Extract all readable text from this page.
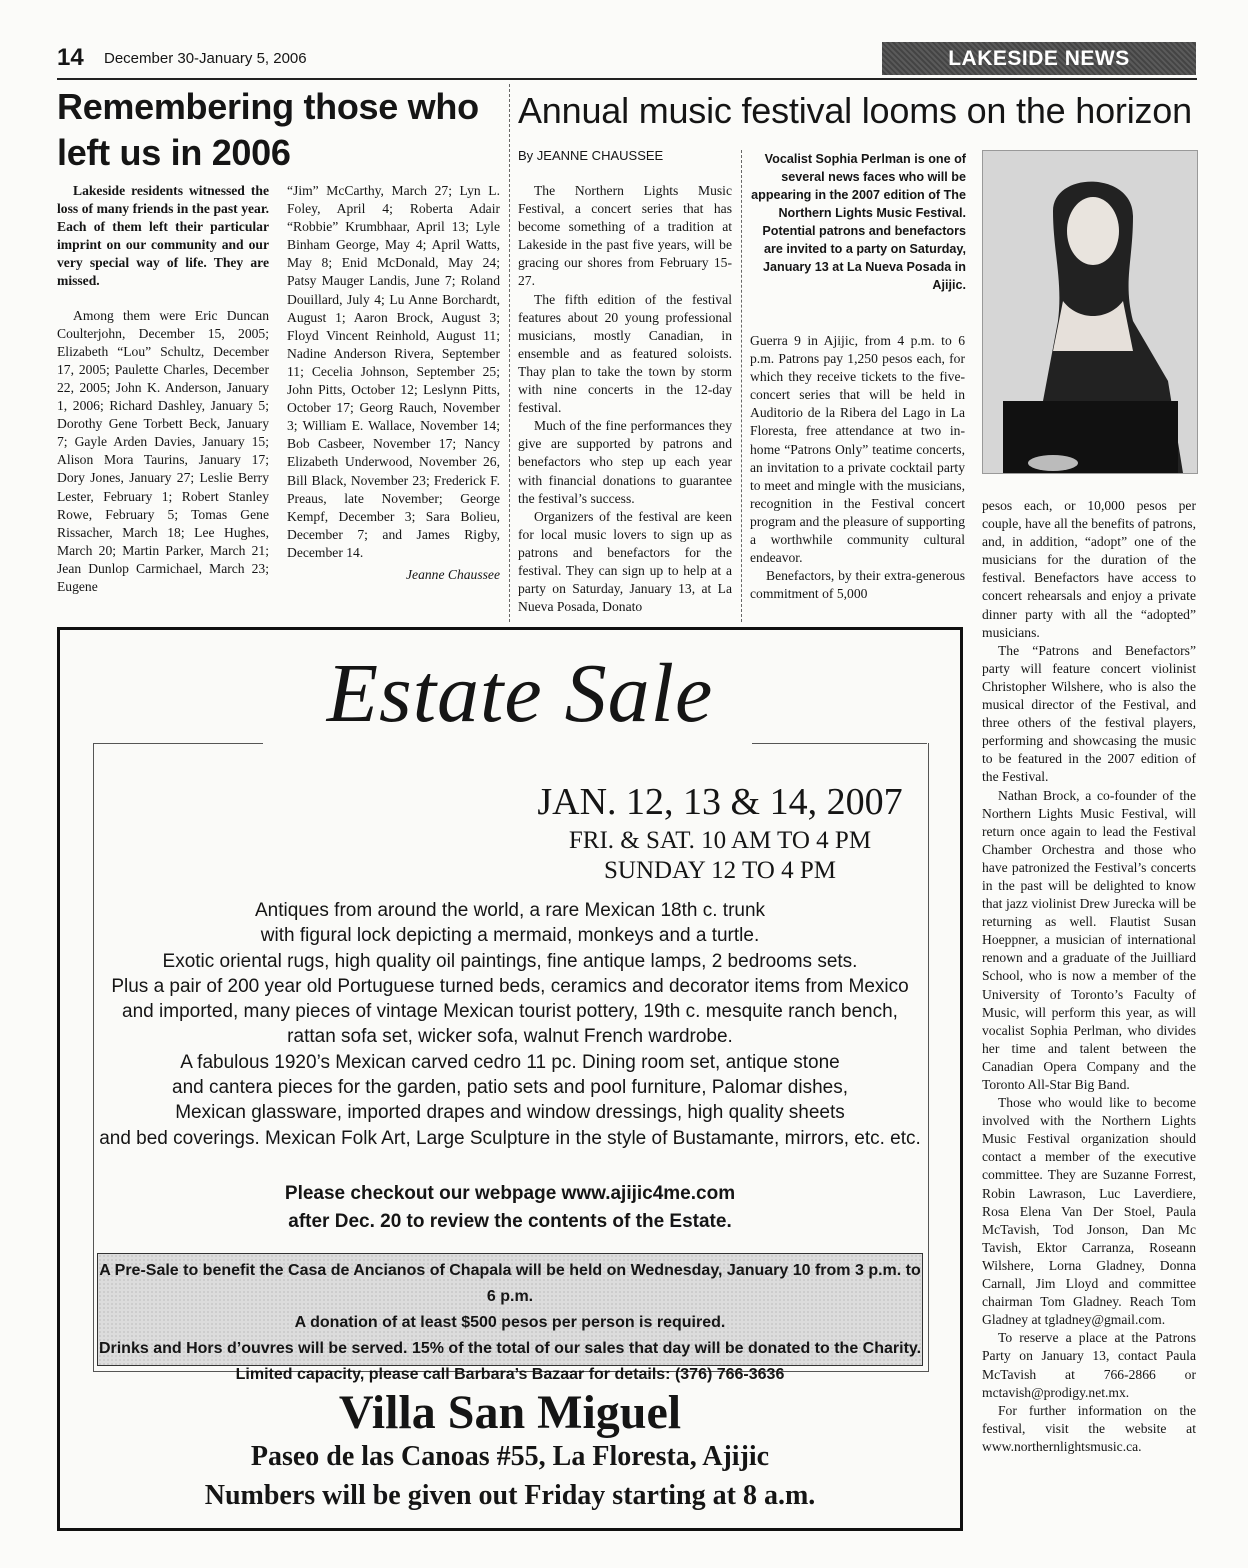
14 December 30-January 5, 2006	LAKESIDE NEWS
Remembering those who left us in 2006

Lakeside residents witnessed the loss of many friends in the past year. Each of them left their particular imprint on our community and our very special way of life. They are missed.

Among them were Eric Duncan Coulterjohn, December 15, 2005; Elizabeth “Lou” Schultz, December 17, 2005; Paulette Charles, December 22, 2005; John K. Anderson, January 1, 2006; Richard Dashley, January 5; Dorothy Gene Torbett Beck, January 7; Gayle Arden Davies, January 15; Alison Mora Taurins, January 17; Dory Jones, January 27; Leslie Berry Lester, February 1; Robert Stanley Rowe, February 5; Tomas Gene Rissacher, March 18; Lee Hughes, March 20; Martin Parker, March 21; Jean Dunlop Carmichael, March 23; Eugene

“Jim” McCarthy, March 27; Lyn L. Foley, April 4; Roberta Adair “Robbie” Krumbhaar, April 13; Lyle Binham George, May 4; April Watts, May 8; Enid McDonald, May 24; Patsy Mauger Landis, June 7; Roland Douillard, July 4; Lu Anne Borchardt, August 1; Aaron Brock, August 3; Floyd Vincent Reinhold, August 11; Nadine Anderson Rivera, September 11; Cecelia Johnson, September 25; John Pitts, October 12; Leslynn Pitts, October 17; Georg Rauch, November 3; William E. Wallace, November 14; Bob Casbeer, November 17; Nancy Elizabeth Underwood, November 26, Bill Black, November 23; Frederick F. Preaus, late November; George Kempf, December 3; Sara Bolieu, December 7; and James Rigby, December 14.

Jeanne Chaussee
Annual music festival looms on the horizon
By JEANNE CHAUSSEE

The Northern Lights Music Festival, a concert series that has become something of a tradition at Lakeside in the past five years, will be gracing our shores from February 15-27.

The fifth edition of the festival features about 20 young professional musicians, mostly Canadian, in ensemble and as featured soloists. Thay plan to take the town by storm with nine concerts in the 12-day festival.

Much of the fine performances they give are supported by patrons and benefactors who step up each year with financial donations to guarantee the festival’s success.

Organizers of the festival are keen for local music lovers to sign up as patrons and benefactors for the festival. They can sign up to help at a party on Saturday, January 13, at La Nueva Posada, Donato

Vocalist Sophia Perlman is one of several news faces who will be appearing in the 2007 edition of The Northern Lights Music Festival. Potential patrons and benefactors are invited to a party on Saturday, January 13 at La Nueva Posada in Ajijic.

Guerra 9 in Ajijic, from 4 p.m. to 6 p.m. Patrons pay 1,250 pesos each, for which they receive tickets to the five-concert series that will be held in Auditorio de la Ribera del Lago in La Floresta, free attendance at two in-home “Patrons Only” teatime concerts, an invitation to a private cocktail party to meet and mingle with the musicians, recognition in the Festival concert program and the pleasure of supporting a worthwhile community cultural endeavor.

Benefactors, by their extra-generous commitment of 5,000

pesos each, or 10,000 pesos per couple, have all the benefits of patrons, and, in addition, “adopt” one of the musicians for the duration of the festival. Benefactors have access to concert rehearsals and enjoy a private dinner party with all the “adopted” musicians.

The “Patrons and Benefactors” party will feature concert violinist Christopher Wilshere, who is also the musical director of the Festival, and three others of the festival players, performing and showcasing the music to be featured in the 2007 edition of the Festival.

Nathan Brock, a co-founder of the Northern Lights Music Festival, will return once again to lead the Festival Chamber Orchestra and those who have patronized the Festival’s concerts in the past will be delighted to know that jazz violinist Drew Jurecka will be returning as well. Flautist Susan Hoeppner, a musician of international renown and a graduate of the Juilliard School, who is now a member of the University of Toronto’s Faculty of Music, will perform this year, as will vocalist Sophia Perlman, who divides her time and talent between the Canadian Opera Company and the Toronto All-Star Big Band.

Those who would like to become involved with the Northern Lights Music Festival organization should contact a member of the executive committee. They are Suzanne Forrest, Robin Lawrason, Luc Laverdiere, Rosa Elena Van Der Stoel, Paula McTavish, Tod Jonson, Dan Mc Tavish, Ektor Carranza, Roseann Wilshere, Lorna Gladney, Donna Carnall, Jim Lloyd and committee chairman Tom Gladney. Reach Tom Gladney at tgladney@gmail.com.

To reserve a place at the Patrons Party on January 13, contact Paula McTavish at 766-2866 or mctavish@prodigy.net.mx.

For further information on the festival, visit the website at www.northernlightsmusic.ca.

Estate Sale
JAN. 12, 13 & 14, 2007
FRI. & SAT. 10 AM TO 4 PM
SUNDAY 12 TO 4 PM
Antiques from around the world, a rare Mexican 18th c. trunk
with figural lock depicting a mermaid, monkeys and a turtle.
Exotic oriental rugs, high quality oil paintings, fine antique lamps, 2 bedrooms sets.
Plus a pair of 200 year old Portuguese turned beds, ceramics and decorator items from Mexico
and imported, many pieces of vintage Mexican tourist pottery, 19th c. mesquite ranch bench,
rattan sofa set, wicker sofa, walnut French wardrobe.
A fabulous 1920’s Mexican carved cedro 11 pc. Dining room set, antique stone
and cantera pieces for the garden, patio sets and pool furniture, Palomar dishes,
Mexican glassware, imported drapes and window dressings, high quality sheets
and bed coverings. Mexican Folk Art, Large Sculpture in the style of Bustamante, mirrors, etc. etc.
Please checkout our webpage www.ajijic4me.com
after Dec. 20 to review the contents of the Estate.
A Pre-Sale to benefit the Casa de Ancianos of Chapala will be held on Wednesday, January 10 from 3 p.m. to 6 p.m.
A donation of at least $500 pesos per person is required.
Drinks and Hors d’ouvres will be served. 15% of the total of our sales that day will be donated to the Charity.
Limited capacity, please call Barbara’s Bazaar for details: (376) 766-3636
Villa San Miguel
Paseo de las Canoas #55, La Floresta, Ajijic
Numbers will be given out Friday starting at 8 a.m.
